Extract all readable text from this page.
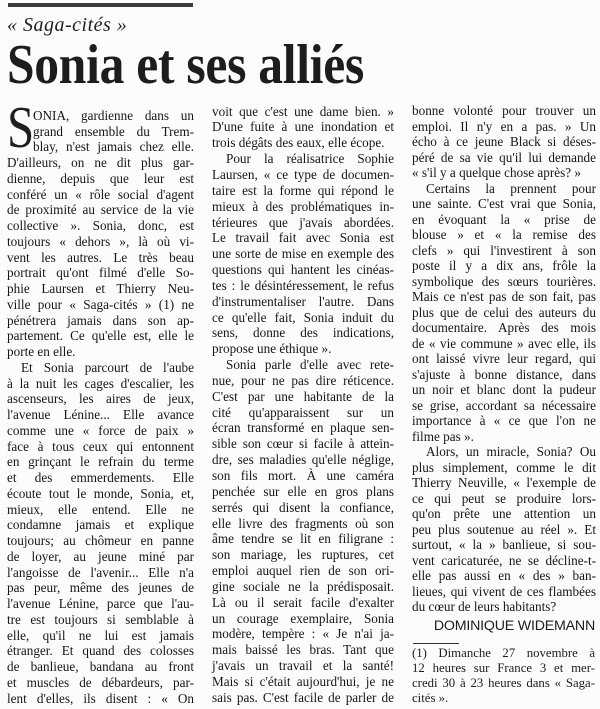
« Saga-cités »
Sonia et ses alliés
S
ONIA, gardienne dans un
grand ensemble du Trem-
blay, n'est jamais chez elle.
D'ailleurs, on ne dit plus gar-
dienne, depuis que leur est
conféré un « rôle social d'agent
de proximité au service de la vie
collective ». Sonia, donc, est
toujours « dehors », là où vi-
vent les autres. Le très beau
portrait qu'ont filmé d'elle So-
phie Laursen et Thierry Neu-
ville pour « Saga-cités » (1) ne
pénétrera jamais dans son ap-
partement. Ce qu'elle est, elle le
porte en elle.
Et Sonia parcourt de l'aube
à la nuit les cages d'escalier, les
ascenseurs, les aires de jeux,
l'avenue Lénine... Elle avance
comme une « force de paix »
face à tous ceux qui entonnent
en grinçant le refrain du terme
et des emmerdements. Elle
écoute tout le monde, Sonia, et,
mieux, elle entend. Elle ne
condamne jamais et explique
toujours; au chômeur en panne
de loyer, au jeune miné par
l'angoisse de l'avenir... Elle n'a
pas peur, même des jeunes de
l'avenue Lénine, parce que l'au-
tre est toujours si semblable à
elle, qu'il ne lui est jamais
étranger. Et quand des colosses
de banlieue, bandana au front
et muscles de débardeurs, par-
lent d'elles, ils disent : « On
voit que c'est une dame bien. »
D'une fuite à une inondation et
trois dégâts des eaux, elle écope.
Pour la réalisatrice Sophie
Laursen, « ce type de documen-
taire est la forme qui répond le
mieux à des problématiques in-
térieures que j'avais abordées.
Le travail fait avec Sonia est
une sorte de mise en exemple des
questions qui hantent les cinéas-
tes : le désintéressement, le refus
d'instrumentaliser l'autre. Dans
ce qu'elle fait, Sonia induit du
sens, donne des indications,
propose une éthique ».
Sonia parle d'elle avec rete-
nue, pour ne pas dire réticence.
C'est par une habitante de la
cité qu'apparaissent sur un
écran transformé en plaque sen-
sible son cœur si facile à attein-
dre, ses maladies qu'elle néglige,
son fils mort. À une caméra
penchée sur elle en gros plans
serrés qui disent la confiance,
elle livre des fragments où son
âme tendre se lit en filigrane :
son mariage, les ruptures, cet
emploi auquel rien de son ori-
gine sociale ne la prédisposait.
Là ou il serait facile d'exalter
un courage exemplaire, Sonia
modère, tempère : « Je n'ai ja-
mais baissé les bras. Tant que
j'avais un travail et la santé!
Mais si c'était aujourd'hui, je ne
sais pas. C'est facile de parler de
bonne volonté pour trouver un
emploi. Il n'y en a pas. » Un
écho à ce jeune Black si déses-
péré de sa vie qu'il lui demande
« s'il y a quelque chose après? »
Certains la prennent pour
une sainte. C'est vrai que Sonia,
en évoquant la « prise de
blouse » et « la remise des
clefs » qui l'investirent à son
poste il y a dix ans, frôle la
symbolique des sœurs tourières.
Mais ce n'est pas de son fait, pas
plus que de celui des auteurs du
documentaire. Après des mois
de « vie commune » avec elle, ils
ont laissé vivre leur regard, qui
s'ajuste à bonne distance, dans
un noir et blanc dont la pudeur
se grise, accordant sa nécessaire
importance à « ce que l'on ne
filme pas ».
Alors, un miracle, Sonia? Ou
plus simplement, comme le dit
Thierry Neuville, « l'exemple de
ce qui peut se produire lors-
qu'on prête une attention un
peu plus soutenue au réel ». Et
surtout, « la » banlieue, si sou-
vent caricaturée, ne se décline-t-
elle pas aussi en « des » ban-
lieues, qui vivent de ces flambées
du cœur de leurs habitants?
DOMINIQUE WIDEMANN
(1) Dimanche 27 novembre à
12 heures sur France 3 et mer-
credi 30 à 23 heures dans « Saga-
cités ».
